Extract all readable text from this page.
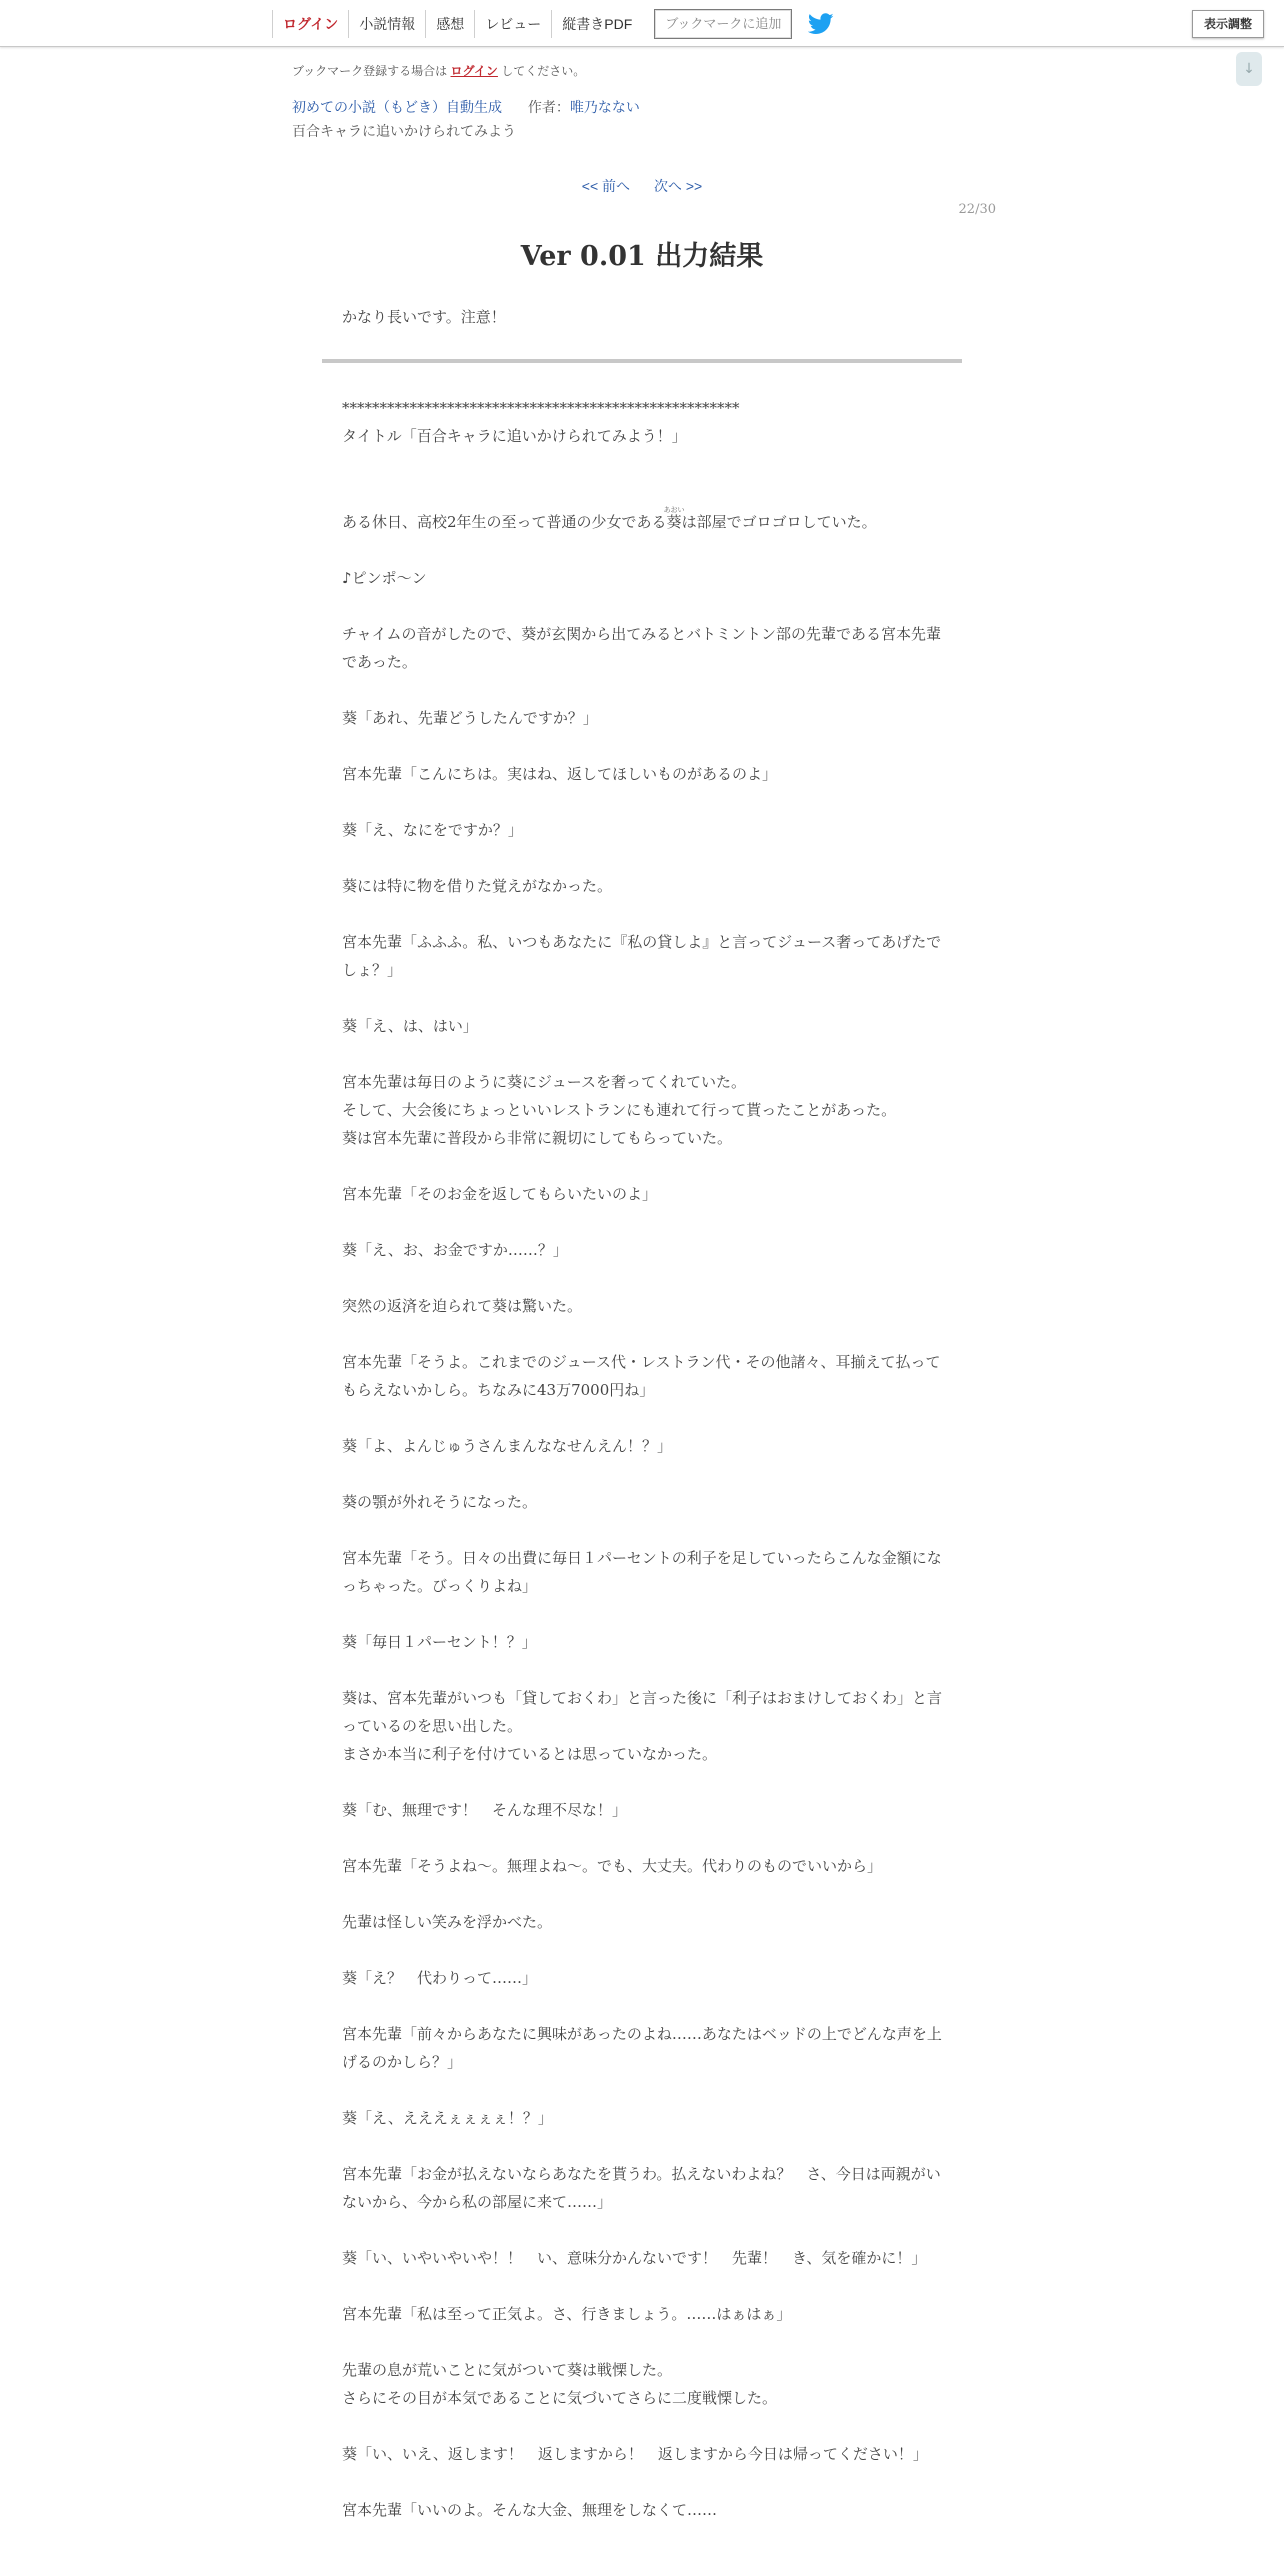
ログイン	小説情報	感想	レビュー	縦書きPDF	ブックマークに追加	表示調整
↓
ブックマーク登録する場合は ログイン してください。
初めての小説（もどき）自動生成 作者：唯乃なない
百合キャラに追いかけられてみよう
<< 前へ 次へ >>
22/30
Ver 0.01 出力結果
かなり長いです。注意！

*****************************************************

タイトル「百合キャラに追いかけられてみよう！」

ある休日、高校2年生の至って普通の少女である葵あおいは部屋でゴロゴロしていた。

♪ピンポ～ン

チャイムの音がしたので、葵が玄関から出てみるとバトミントン部の先輩である宮本先輩であった。

葵「あれ、先輩どうしたんですか？」

宮本先輩「こんにちは。実はね、返してほしいものがあるのよ」

葵「え、なにをですか？」

葵には特に物を借りた覚えがなかった。

宮本先輩「ふふふ。私、いつもあなたに『私の貸しよ』と言ってジュース奢ってあげたでしょ？」

葵「え、は、はい」

宮本先輩は毎日のように葵にジュースを奢ってくれていた。
そして、大会後にちょっといいレストランにも連れて行って貰ったことがあった。
葵は宮本先輩に普段から非常に親切にしてもらっていた。

宮本先輩「そのお金を返してもらいたいのよ」

葵「え、お、お金ですか……？」

突然の返済を迫られて葵は驚いた。

宮本先輩「そうよ。これまでのジュース代・レストラン代・その他諸々、耳揃えて払ってもらえないかしら。ちなみに43万7000円ね」

葵「よ、よんじゅうさんまんななせんえん！？」

葵の顎が外れそうになった。

宮本先輩「そう。日々の出費に毎日１パーセントの利子を足していったらこんな金額になっちゃった。びっくりよね」

葵「毎日１パーセント！？」

葵は、宮本先輩がいつも「貸しておくわ」と言った後に「利子はおまけしておくわ」と言っているのを思い出した。
まさか本当に利子を付けているとは思っていなかった。

葵「む、無理です！　そんな理不尽な！」

宮本先輩「そうよね～。無理よね～。でも、大丈夫。代わりのものでいいから」

先輩は怪しい笑みを浮かべた。

葵「え？　代わりって……」

宮本先輩「前々からあなたに興味があったのよね……あなたはベッドの上でどんな声を上げるのかしら？」

葵「え、えええぇぇぇぇ！？」

宮本先輩「お金が払えないならあなたを貰うわ。払えないわよね？　さ、今日は両親がいないから、今から私の部屋に来て……」

葵「い、いやいやいや！！　い、意味分かんないです！　先輩！　き、気を確かに！」

宮本先輩「私は至って正気よ。さ、行きましょう。……はぁはぁ」

先輩の息が荒いことに気がついて葵は戦慄した。
さらにその目が本気であることに気づいてさらに二度戦慄した。

葵「い、いえ、返します！　返しますから！　返しますから今日は帰ってください！」

宮本先輩「いいのよ。そんな大金、無理をしなくて……
